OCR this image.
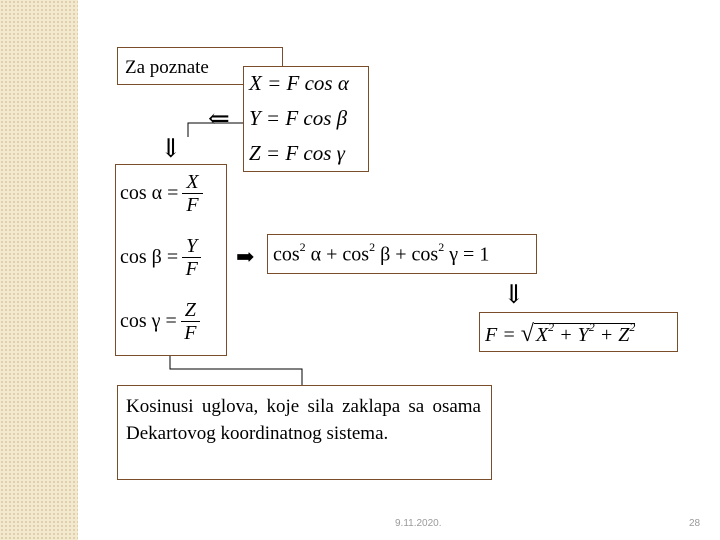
Za poznate
X = F cos α
Y = F cos β
Z = F cos γ
⇐
⇓
➡
⇓
$\cos \alpha = \frac{X}{F}$
$\cos \beta = \frac{Y}{F}$
$\cos \gamma = \frac{Z}{F}$
$\cos^2 \alpha + \cos^2 \beta + \cos^2 \gamma = 1$
F = √ $X^2 + Y^2 + Z^2$
Kosinusi uglova, koje sila zaklapa sa osama Dekartovog koordinatnog sistema.
9.11.2020.	28
